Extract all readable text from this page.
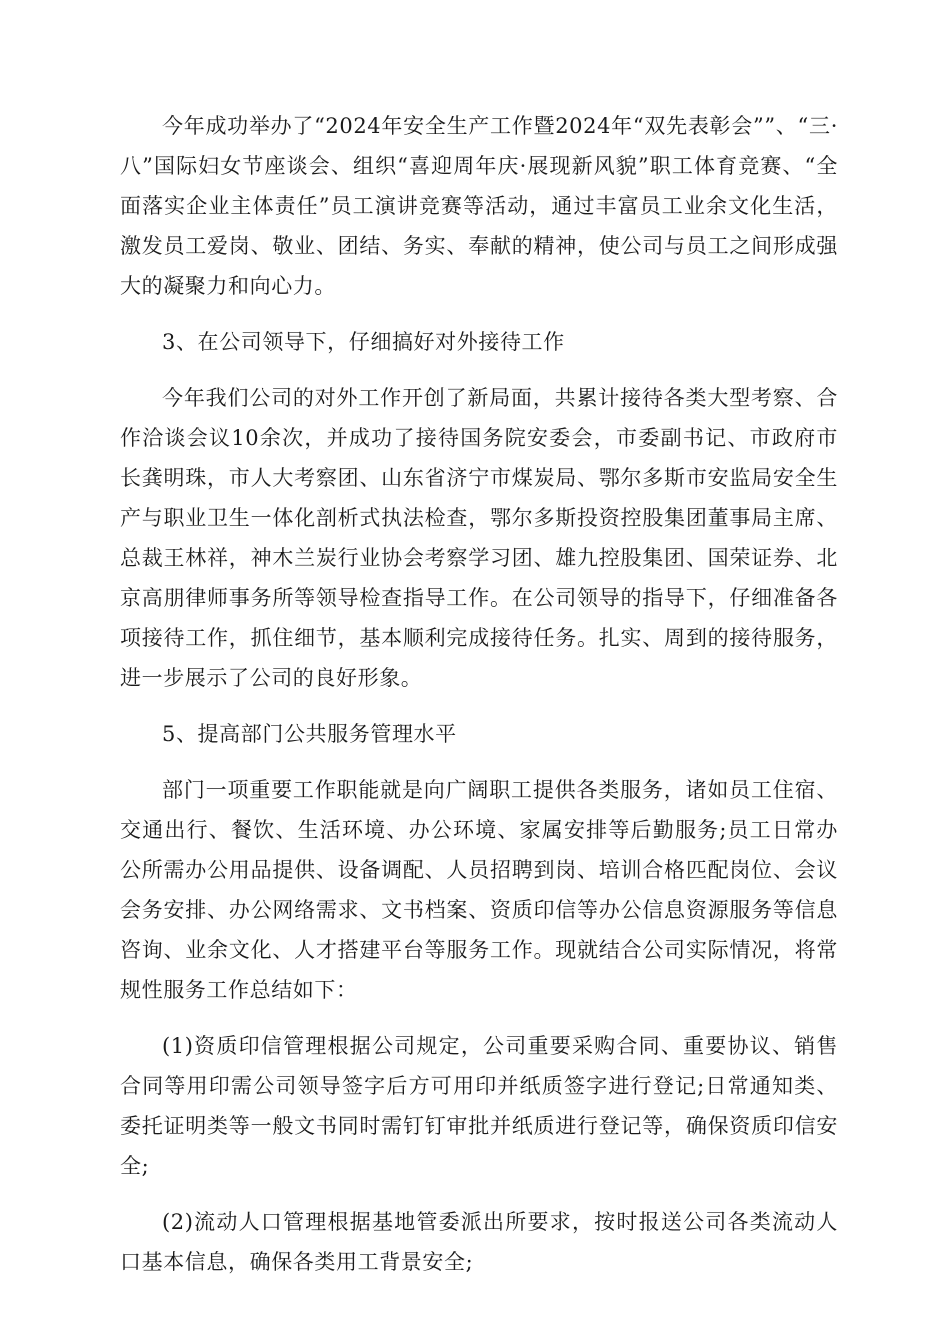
今年成功举办了“2024年安全生产工作暨2024年“双先表彰会””、“三·八”国际妇女节座谈会、组织“喜迎周年庆·展现新风貌”职工体育竞赛、“全面落实企业主体责任”员工演讲竞赛等活动，通过丰富员工业余文化生活，激发员工爱岗、敬业、团结、务实、奉献的精神，使公司与员工之间形成强大的凝聚力和向心力。

3、在公司领导下，仔细搞好对外接待工作

今年我们公司的对外工作开创了新局面，共累计接待各类大型考察、合作洽谈会议10余次，并成功了接待国务院安委会，市委副书记、市政府市长龚明珠，市人大考察团、山东省济宁市煤炭局、鄂尔多斯市安监局安全生产与职业卫生一体化剖析式执法检查，鄂尔多斯投资控股集团董事局主席、总裁王林祥，神木兰炭行业协会考察学习团、雄九控股集团、国荣证券、北京高朋律师事务所等领导检查指导工作。在公司领导的指导下，仔细准备各项接待工作，抓住细节，基本顺利完成接待任务。扎实、周到的接待服务，进一步展示了公司的良好形象。

5、提高部门公共服务管理水平

部门一项重要工作职能就是向广阔职工提供各类服务，诸如员工住宿、交通出行、餐饮、生活环境、办公环境、家属安排等后勤服务;员工日常办公所需办公用品提供、设备调配、人员招聘到岗、培训合格匹配岗位、会议会务安排、办公网络需求、文书档案、资质印信等办公信息资源服务等信息咨询、业余文化、人才搭建平台等服务工作。现就结合公司实际情况，将常规性服务工作总结如下：

(1)资质印信管理根据公司规定，公司重要采购合同、重要协议、销售合同等用印需公司领导签字后方可用印并纸质签字进行登记;日常通知类、委托证明类等一般文书同时需钉钉审批并纸质进行登记等，确保资质印信安全;

(2)流动人口管理根据基地管委派出所要求，按时报送公司各类流动人口基本信息，确保各类用工背景安全;
